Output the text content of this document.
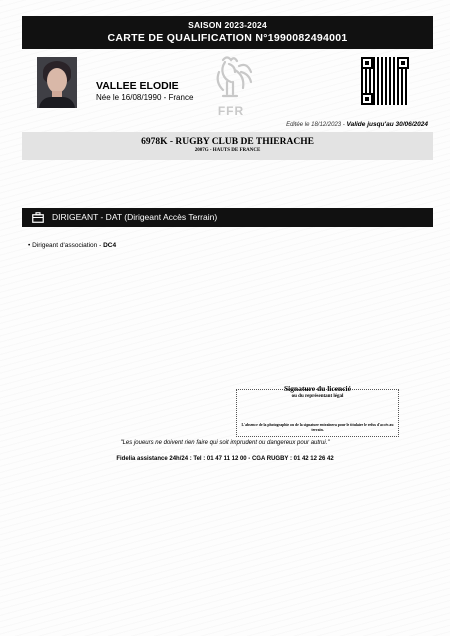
SAISON 2023-2024
CARTE DE QUALIFICATION N°1990082494001
VALLEE ELODIE
Née le 16/08/1990 - France
FFR
Editée le 18/12/2023 - Valide jusqu'au 30/06/2024
6978K - RUGBY CLUB DE THIERACHE
2007G - HAUTS DE FRANCE
DIRIGEANT - DAT (Dirigeant Accès Terrain)
• Dirigeant d'association - DC4
Signature du licencié
ou du représentant légal
L'absence de la photographie ou de la signature entraînera pour le titulaire le refus d'accès au terrain.
"Les joueurs ne doivent rien faire qui soit imprudent ou dangereux pour autrui."
Fidelia assistance 24h/24 : Tel : 01 47 11 12 00 - CGA RUGBY : 01 42 12 26 42
